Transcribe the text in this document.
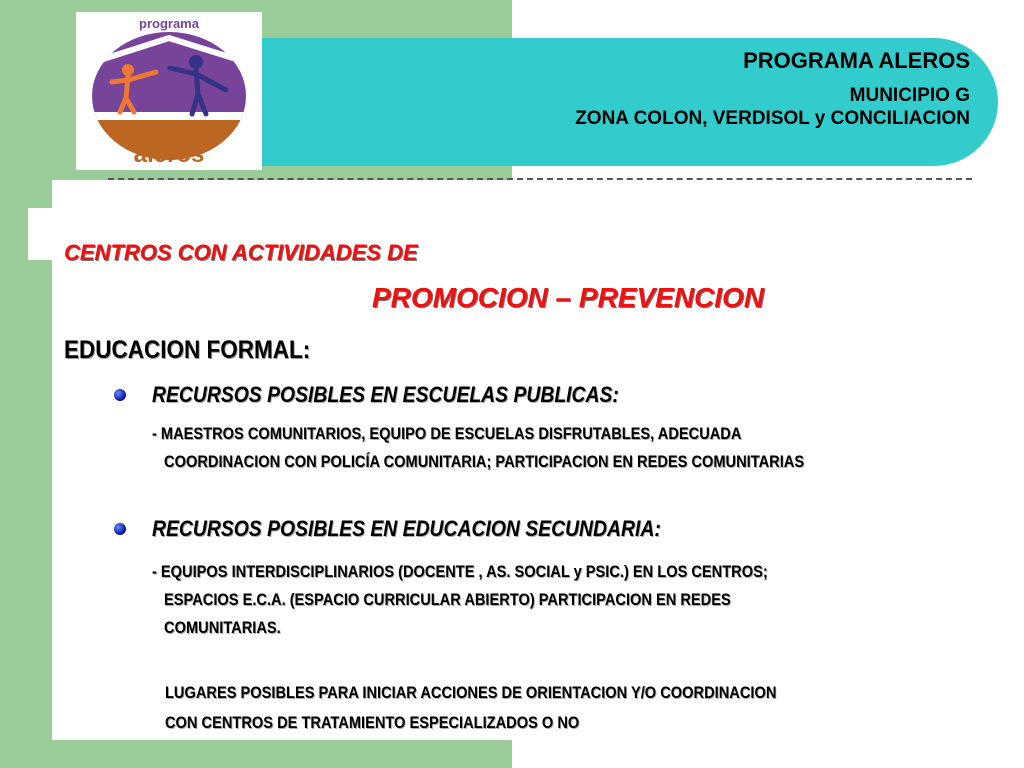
programa
aleros
PROGRAMA ALEROS
MUNICIPIO G
ZONA COLON, VERDISOL y CONCILIACION
CENTROS CON ACTIVIDADES DE
PROMOCION – PREVENCION
EDUCACION FORMAL:
RECURSOS POSIBLES EN ESCUELAS PUBLICAS:
- MAESTROS COMUNITARIOS, EQUIPO DE ESCUELAS DISFRUTABLES, ADECUADA
COORDINACION CON POLICÍA COMUNITARIA; PARTICIPACION EN REDES COMUNITARIAS
RECURSOS POSIBLES EN EDUCACION SECUNDARIA:
- EQUIPOS INTERDISCIPLINARIOS (DOCENTE , AS. SOCIAL y PSIC.) EN LOS CENTROS;
ESPACIOS E.C.A. (ESPACIO CURRICULAR ABIERTO) PARTICIPACION EN REDES
COMUNITARIAS.
LUGARES POSIBLES PARA INICIAR ACCIONES DE ORIENTACION Y/O COORDINACION
CON CENTROS DE TRATAMIENTO ESPECIALIZADOS O NO
